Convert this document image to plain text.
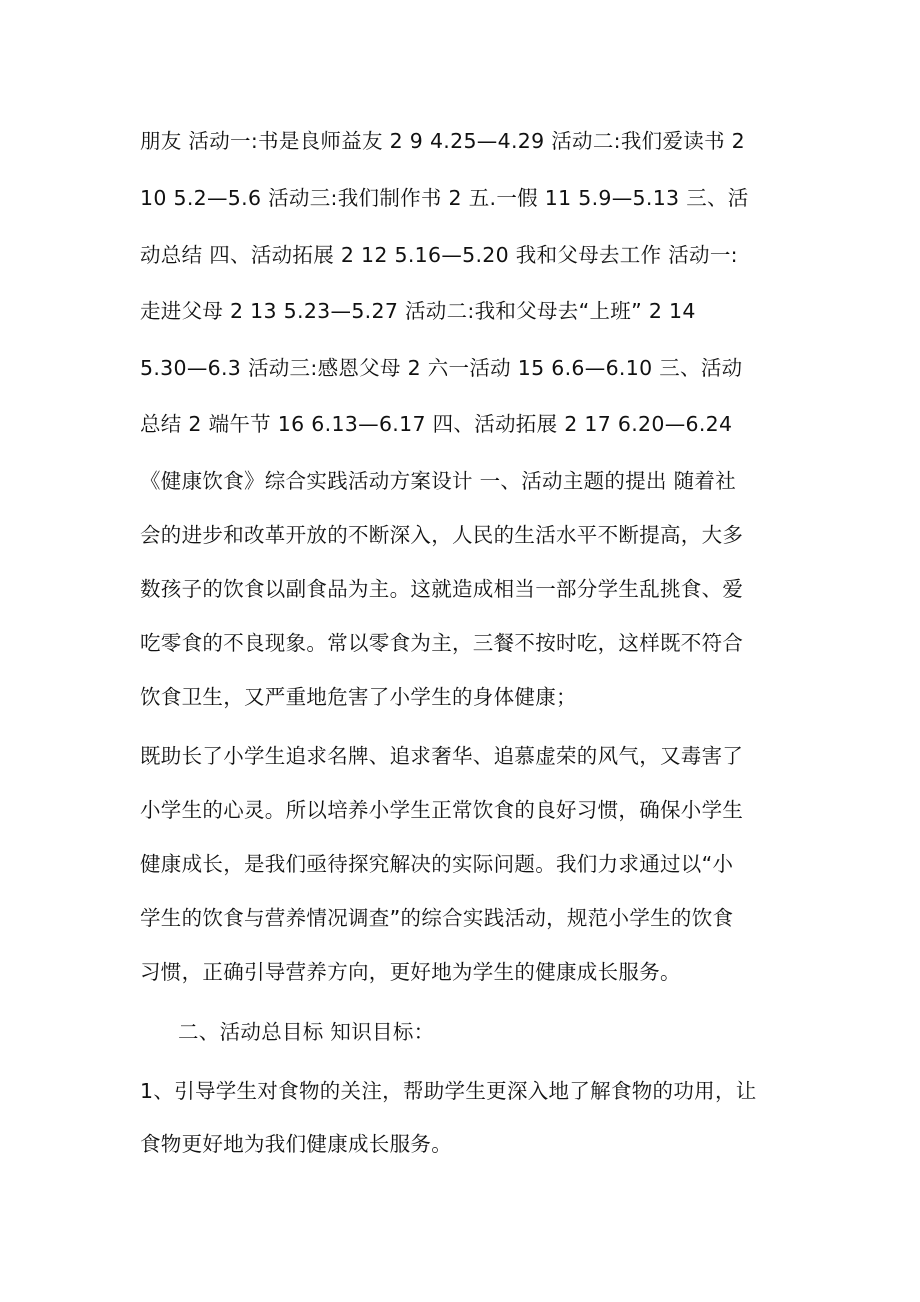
朋友 活动一:书是良师益友 2 9 4.25—4.29 活动二:我们爱读书 2
10 5.2—5.6 活动三:我们制作书 2 五.一假 11 5.9—5.13 三、活
动总结 四、活动拓展 2 12 5.16—5.20 我和父母去工作 活动一:
走进父母 2 13 5.23—5.27 活动二:我和父母去“上班” 2 14
5.30—6.3 活动三:感恩父母 2 六一活动 15 6.6—6.10 三、活动
总结 2 端午节 16 6.13—6.17 四、活动拓展 2 17 6.20—6.24
《健康饮食》综合实践活动方案设计 一、活动主题的提出 随着社
会的进步和改革开放的不断深入，人民的生活水平不断提高，大多
数孩子的饮食以副食品为主。这就造成相当一部分学生乱挑食、爱
吃零食的不良现象。常以零食为主，三餐不按时吃，这样既不符合
饮食卫生，又严重地危害了小学生的身体健康；
既助长了小学生追求名牌、追求奢华、追慕虚荣的风气，又毒害了
小学生的心灵。所以培养小学生正常饮食的良好习惯，确保小学生
健康成长，是我们亟待探究解决的实际问题。我们力求通过以“小
学生的饮食与营养情况调查”的综合实践活动，规范小学生的饮食
习惯，正确引导营养方向，更好地为学生的健康成长服务。
二、活动总目标 知识目标：
1、引导学生对食物的关注，帮助学生更深入地了解食物的功用，让
食物更好地为我们健康成长服务。
